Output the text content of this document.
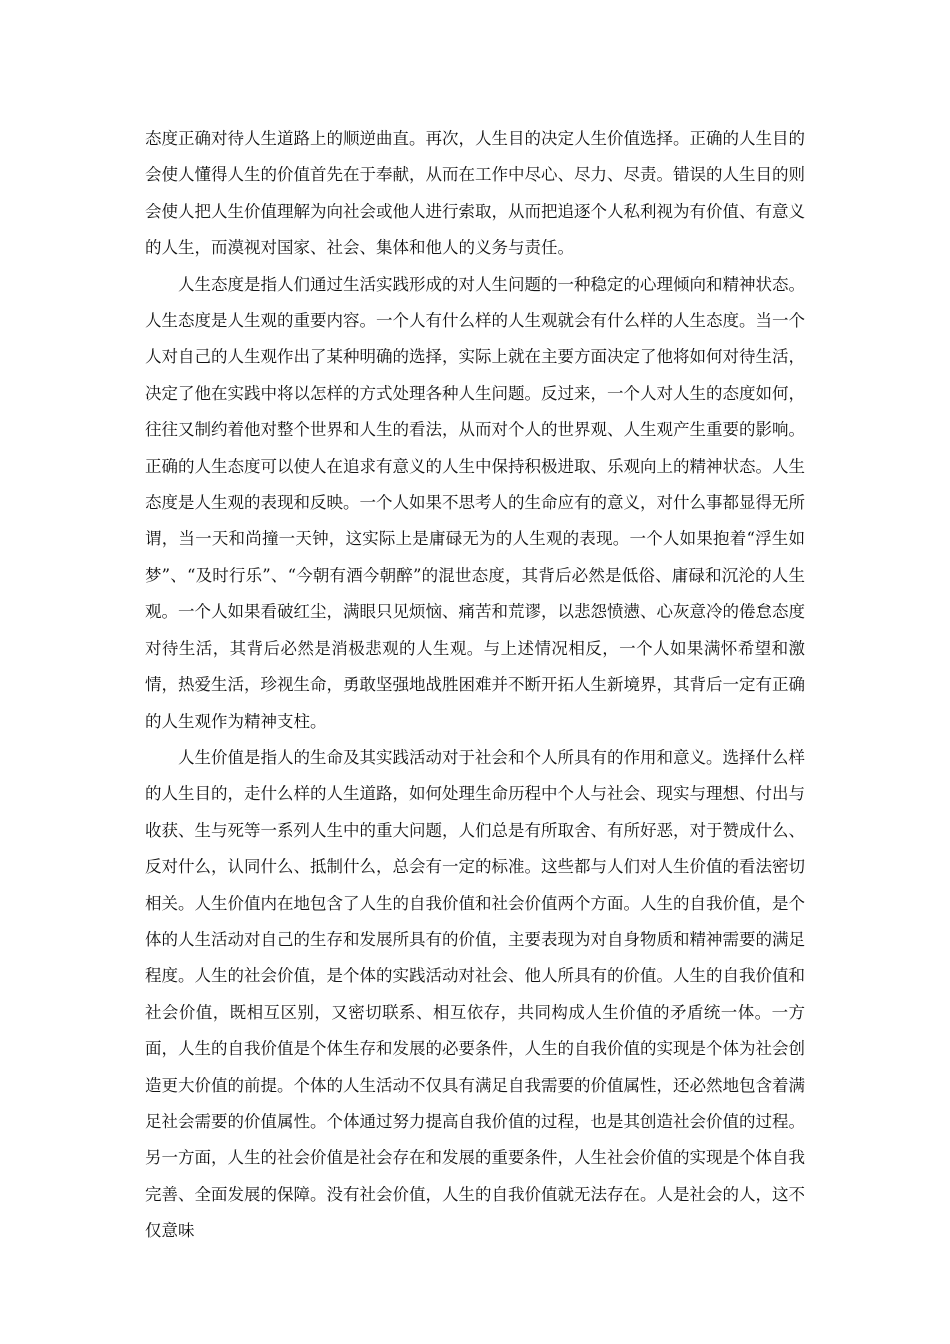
态度正确对待人生道路上的顺逆曲直。再次，人生目的决定人生价值选择。正确的人生目的会使人懂得人生的价值首先在于奉献，从而在工作中尽心、尽力、尽责。错误的人生目的则会使人把人生价值理解为向社会或他人进行索取，从而把追逐个人私利视为有价值、有意义的人生，而漠视对国家、社会、集体和他人的义务与责任。

人生态度是指人们通过生活实践形成的对人生问题的一种稳定的心理倾向和精神状态。人生态度是人生观的重要内容。一个人有什么样的人生观就会有什么样的人生态度。当一个人对自己的人生观作出了某种明确的选择，实际上就在主要方面决定了他将如何对待生活，决定了他在实践中将以怎样的方式处理各种人生问题。反过来，一个人对人生的态度如何，往往又制约着他对整个世界和人生的看法，从而对个人的世界观、人生观产生重要的影响。正确的人生态度可以使人在追求有意义的人生中保持积极进取、乐观向上的精神状态。人生态度是人生观的表现和反映。一个人如果不思考人的生命应有的意义，对什么事都显得无所谓，当一天和尚撞一天钟，这实际上是庸碌无为的人生观的表现。一个人如果抱着“浮生如梦”、“及时行乐”、“今朝有酒今朝醉”的混世态度，其背后必然是低俗、庸碌和沉沦的人生观。一个人如果看破红尘，满眼只见烦恼、痛苦和荒谬，以悲怨愤懑、心灰意冷的倦怠态度对待生活，其背后必然是消极悲观的人生观。与上述情况相反，一个人如果满怀希望和激情，热爱生活，珍视生命，勇敢坚强地战胜困难并不断开拓人生新境界，其背后一定有正确的人生观作为精神支柱。

人生价值是指人的生命及其实践活动对于社会和个人所具有的作用和意义。选择什么样的人生目的，走什么样的人生道路，如何处理生命历程中个人与社会、现实与理想、付出与收获、生与死等一系列人生中的重大问题，人们总是有所取舍、有所好恶，对于赞成什么、反对什么，认同什么、抵制什么，总会有一定的标准。这些都与人们对人生价值的看法密切相关。人生价值内在地包含了人生的自我价值和社会价值两个方面。人生的自我价值，是个体的人生活动对自己的生存和发展所具有的价值，主要表现为对自身物质和精神需要的满足程度。人生的社会价值，是个体的实践活动对社会、他人所具有的价值。人生的自我价值和社会价值，既相互区别，又密切联系、相互依存，共同构成人生价值的矛盾统一体。一方面，人生的自我价值是个体生存和发展的必要条件，人生的自我价值的实现是个体为社会创造更大价值的前提。个体的人生活动不仅具有满足自我需要的价值属性，还必然地包含着满足社会需要的价值属性。个体通过努力提高自我价值的过程，也是其创造社会价值的过程。另一方面，人生的社会价值是社会存在和发展的重要条件，人生社会价值的实现是个体自我完善、全面发展的保障。没有社会价值，人生的自我价值就无法存在。人是社会的人，这不仅意味
